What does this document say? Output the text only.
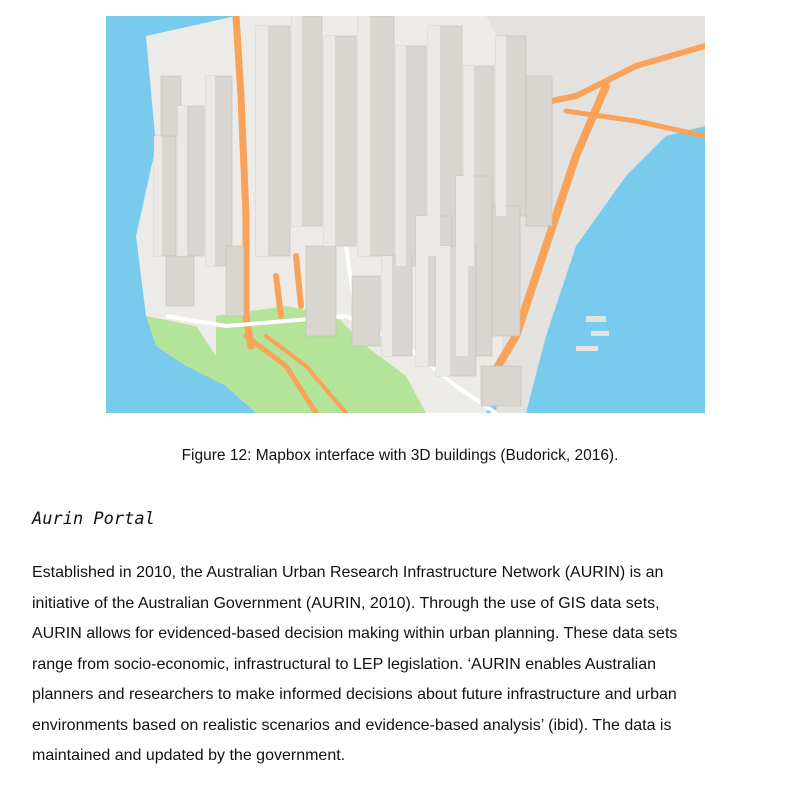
Figure 12: Mapbox interface with 3D buildings (Budorick, 2016).
Aurin Portal
Established in 2010, the Australian Urban Research Infrastructure Network (AURIN) is an
initiative of the Australian Government (AURIN, 2010). Through the use of GIS data sets,
AURIN allows for evidenced-based decision making within urban planning. These data sets
range from socio-economic, infrastructural to LEP legislation. ‘AURIN enables Australian
planners and researchers to make informed decisions about future infrastructure and urban
environments based on realistic scenarios and evidence-based analysis’ (ibid). The data is
maintained and updated by the government.
